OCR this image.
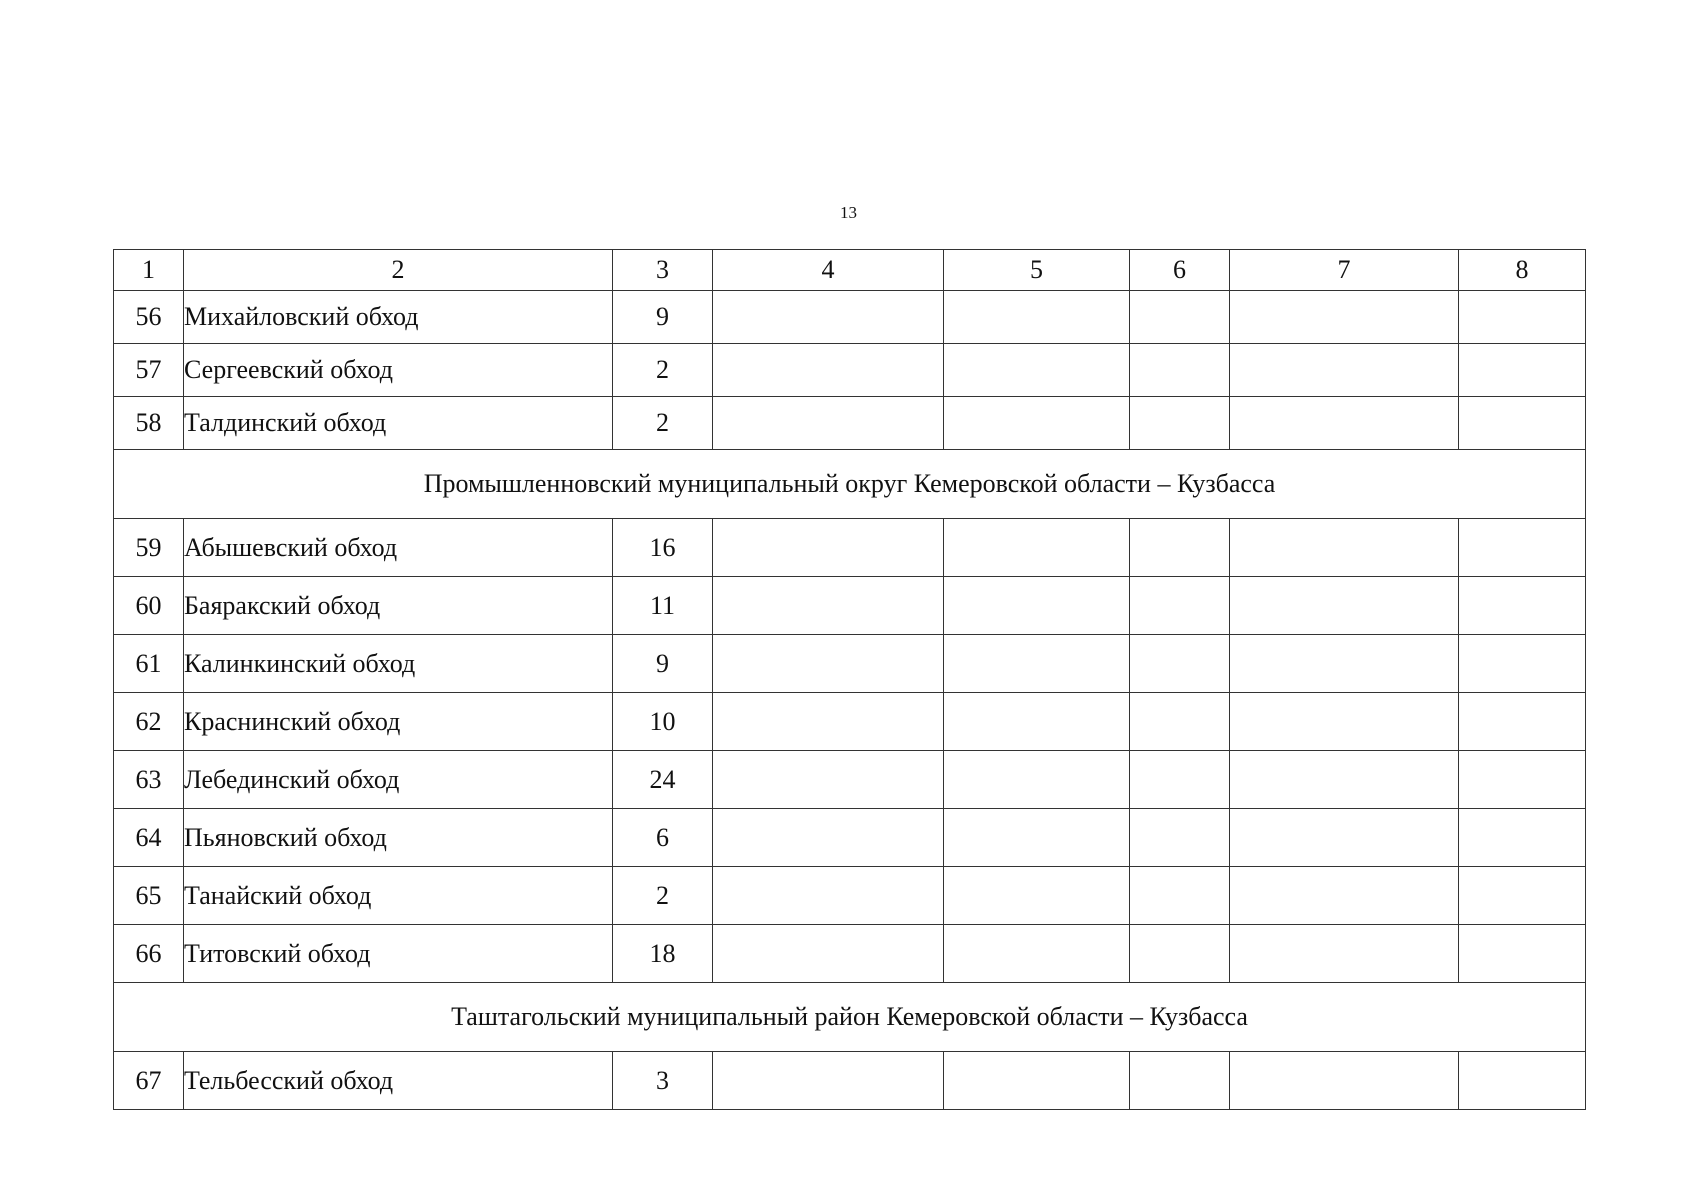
13
1	2	3	4	5	6	7	8
56	Михайловский обход	9					
57	Сергеевский обход	2					
58	Талдинский обход	2					
Промышленновский муниципальный округ Кемеровской области – Кузбасса							
59	Абышевский обход	16					
60	Баяракский обход	11					
61	Калинкинский обход	9					
62	Краснинский обход	10					
63	Лебединский обход	24					
64	Пьяновский обход	6					
65	Танайский обход	2					
66	Титовский обход	18					
Таштагольский муниципальный район Кемеровской области – Кузбасса							
67	Тельбесский обход	3					
